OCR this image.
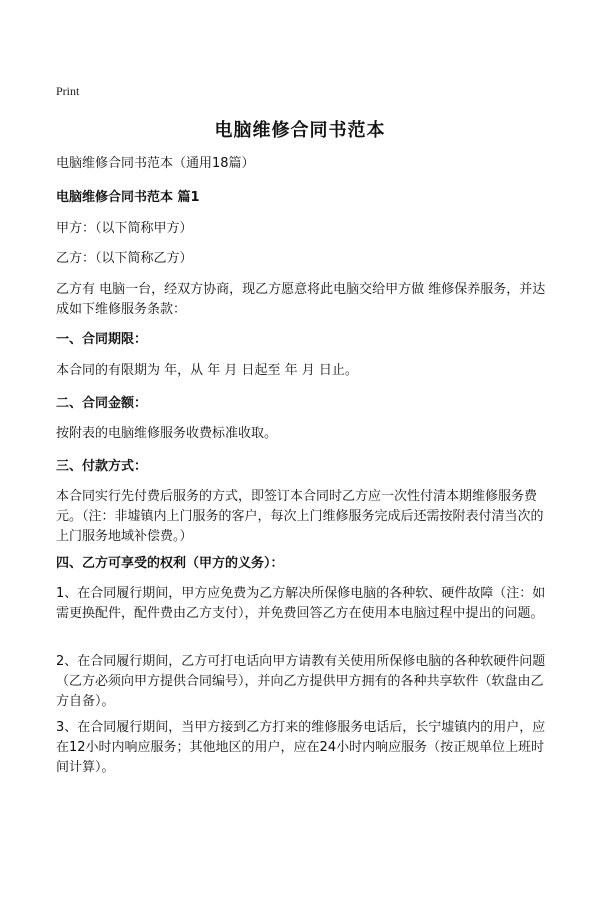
Print

电脑维修合同书范本

电脑维修合同书范本（通用18篇）

电脑维修合同书范本 篇1

甲方：（以下简称甲方）

乙方：（以下简称乙方）

乙方有 电脑一台，经双方协商，现乙方愿意将此电脑交给甲方做 维修保养服务，并达成如下维修服务条款：

一、合同期限：

本合同的有限期为 年，从 年 月 日起至 年 月 日止。

二、合同金额：

按附表的电脑维修服务收费标准收取。

三、付款方式：

本合同实行先付费后服务的方式，即签订本合同时乙方应一次性付清本期维修服务费 元。（注：非墟镇内上门服务的客户，每次上门维修服务完成后还需按附表付清当次的上门服务地域补偿费。）

四、乙方可享受的权利（甲方的义务）：

1、在合同履行期间，甲方应免费为乙方解决所保修电脑的各种软、硬件故障（注：如需更换配件，配件费由乙方支付），并免费回答乙方在使用本电脑过程中提出的问题。

2、在合同履行期间，乙方可打电话向甲方请教有关使用所保修电脑的各种软硬件问题（乙方必须向甲方提供合同编号），并向乙方提供甲方拥有的各种共享软件（软盘由乙方自备）。

3、在合同履行期间，当甲方接到乙方打来的维修服务电话后，长宁墟镇内的用户，应在12小时内响应服务；其他地区的用户，应在24小时内响应服务（按正规单位上班时间计算）。
